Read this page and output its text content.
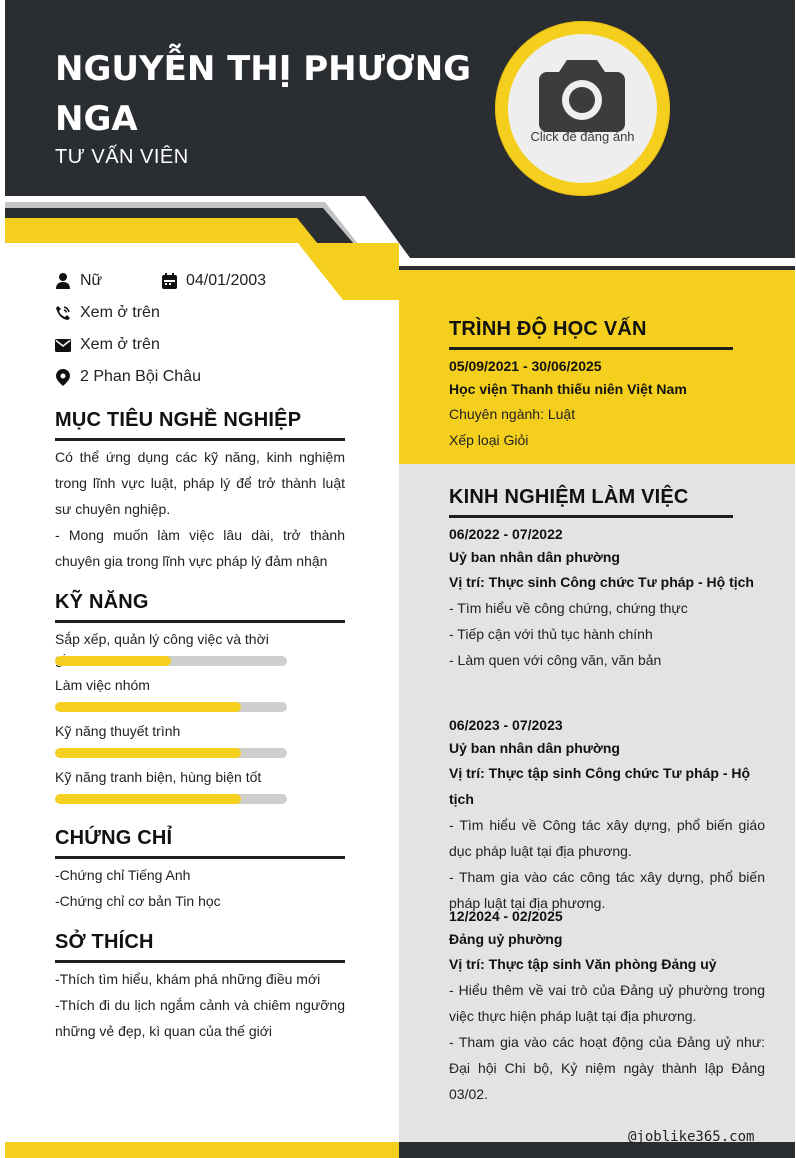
NGUYỄN THỊ PHƯƠNG NGA
TƯ VẤN VIÊN
Click để đăng ảnh
Nữ	04/01/2003
Xem ở trên
Xem ở trên
2 Phan Bội Châu
MỤC TIÊU NGHỀ NGHIỆP
Có thể ứng dụng các kỹ năng, kinh nghiệm trong lĩnh vực luật, pháp lý để trở thành luật sư chuyên nghiệp.
- Mong muốn làm việc lâu dài, trở thành chuyên gia trong lĩnh vực pháp lý đảm nhận
KỸ NĂNG
Sắp xếp, quản lý công việc và thời
Làm việc nhóm
Kỹ năng thuyết trình
Kỹ năng tranh biện, hùng biện tốt
CHỨNG CHỈ
-Chứng chỉ Tiếng Anh
-Chứng chỉ cơ bản Tin học
SỞ THÍCH
-Thích tìm hiểu, khám phá những điều mới
-Thích đi du lịch ngắm cảnh và chiêm ngưỡng những vẻ đẹp, kì quan của thế giới
TRÌNH ĐỘ HỌC VẤN
05/09/2021 - 30/06/2025
Học viện Thanh thiếu niên Việt Nam
Chuyên ngành: Luật
Xếp loại Giỏi
KINH NGHIỆM LÀM VIỆC
06/2022 - 07/2022
Uỷ ban nhân dân phường
Vị trí: Thực sinh Công chức Tư pháp - Hộ tịch
- Tìm hiểu về công chứng, chứng thực
- Tiếp cận với thủ tục hành chính
- Làm quen với công văn, văn bản
06/2023 - 07/2023
Uỷ ban nhân dân phường
Vị trí: Thực tập sinh Công chức Tư pháp - Hộ tịch
- Tìm hiểu về Công tác xây dựng, phổ biến giáo dục pháp luật tại địa phương.
- Tham gia vào các công tác xây dựng, phổ biến pháp luật tại địa phương.
12/2024 - 02/2025
Đảng uỷ phường
Vị trí: Thực tập sinh Văn phòng Đảng uỷ
- Hiểu thêm về vai trò của Đảng uỷ phường trong việc thực hiện pháp luật tại địa phương.
- Tham gia vào các hoạt động của Đảng uỷ như: Đại hội Chi bộ, Kỷ niệm ngày thành lập Đảng 03/02.
@joblike365.com
